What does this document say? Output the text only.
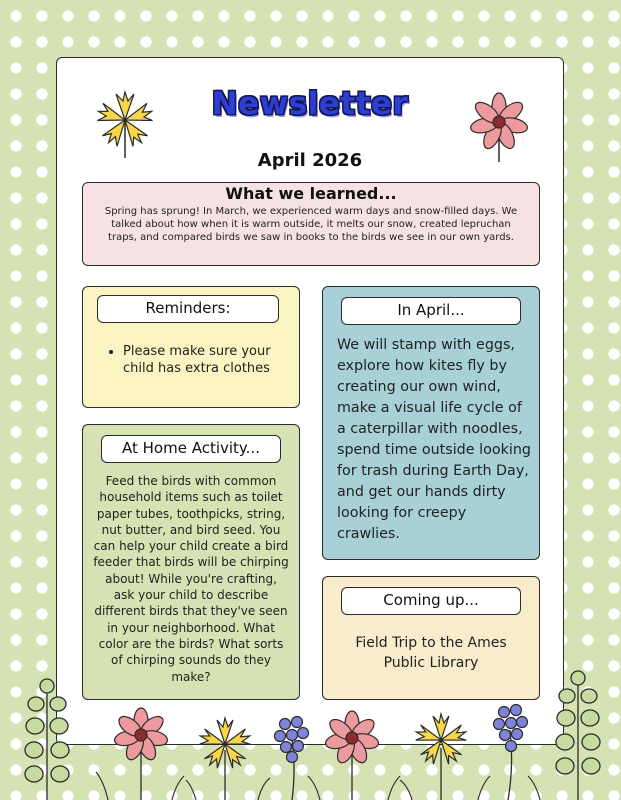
Newsletter
April 2026
What we learned...

Spring has sprung! In March, we experienced warm days and snow-filled days. We talked about how when it is warm outside, it melts our snow, created lepruchan traps, and compared birds we saw in books to the birds we see in our own yards.

Reminders:
• Please make sure your child has extra clothes
At Home Activity...

Feed the birds with common household items such as toilet paper tubes, toothpicks, string, nut butter, and bird seed. You can help your child create a bird feeder that birds will be chirping about! While you're crafting, ask your child to describe different birds that they've seen in your neighborhood. What color are the birds? What sorts of chirping sounds do they make?

In April...

We will stamp with eggs, explore how kites fly by creating our own wind, make a visual life cycle of a caterpillar with noodles, spend time outside looking for trash during Earth Day, and get our hands dirty looking for creepy crawlies.

Coming up...

Field Trip to the Ames Public Library
